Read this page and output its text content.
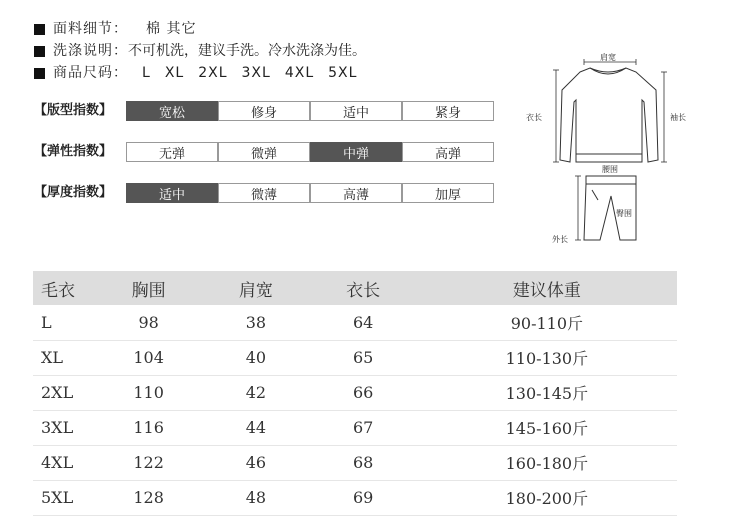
面料细节： 棉 其它
洗涤说明： 不可机洗，建议手洗。冷水洗涤为佳。
商品尺码： L XL 2XL 3XL 4XL 5XL
【版型指数】	宽松	修身	适中	紧身
【弹性指数】	无弹	微弹	中弹	高弹
【厚度指数】	适中	微薄	高薄	加厚
肩宽
衣长	袖长
腰围
臀围
外长
毛衣	胸围	肩宽	衣长	建议体重
L	98	38	64	90-110斤
XL	104	40	65	110-130斤
2XL	110	42	66	130-145斤
3XL	116	44	67	145-160斤
4XL	122	46	68	160-180斤
5XL	128	48	69	180-200斤
